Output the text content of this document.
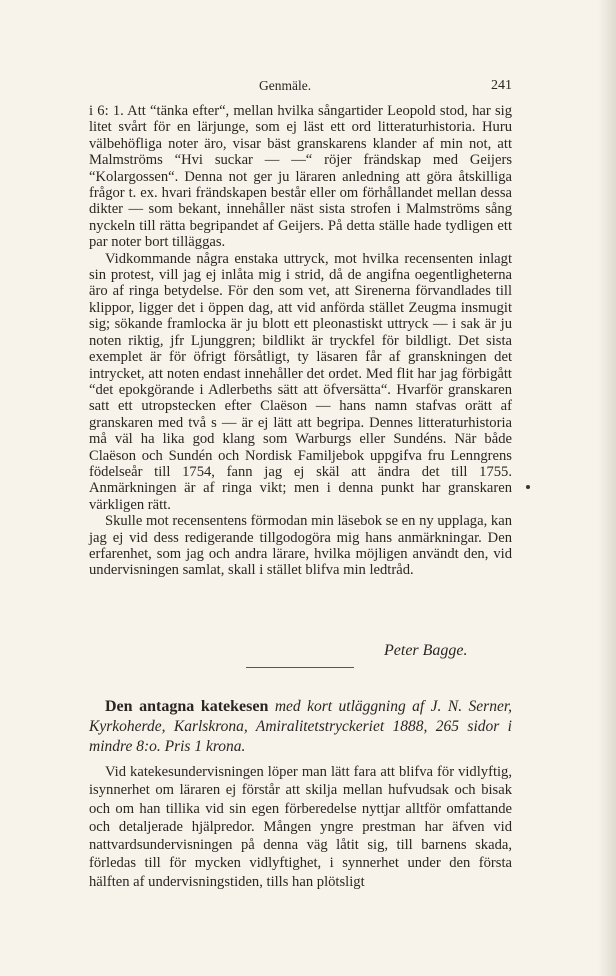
Genmäle.	241

i 6: 1. Att “tänka efter“, mellan hvilka sångartider Leopold stod, har sig litet svårt för en lärjunge, som ej läst ett ord litteraturhistoria. Huru välbehöfliga noter äro, visar bäst granskarens klander af min not, att Malmströms “Hvi suckar — —“ röjer frändskap med Geijers “Kolargossen“. Denna not ger ju läraren anledning att göra åtskilliga frågor t. ex. hvari frändskapen består eller om förhållandet mellan dessa dikter — som bekant, innehåller näst sista strofen i Malmströms sång nyckeln till rätta begripandet af Geijers. På detta ställe hade tydligen ett par noter bort tilläggas.

Vidkommande några enstaka uttryck, mot hvilka recensenten inlagt sin protest, vill jag ej inlåta mig i strid, då de angifna oegentligheterna äro af ringa betydelse. För den som vet, att Sirenerna förvandlades till klippor, ligger det i öppen dag, att vid anförda stället Zeugma insmugit sig; sökande framlocka är ju blott ett pleonastiskt uttryck — i sak är ju noten riktig, jfr Ljunggren; bildlikt är tryckfel för bildligt. Det sista exemplet är för öfrigt försåtligt, ty läsaren får af granskningen det intrycket, att noten endast innehåller det ordet. Med flit har jag förbigått “det epokgörande i Adlerbeths sätt att öfversätta“. Hvarför granskaren satt ett utropstecken efter Claëson — hans namn stafvas orätt af granskaren med två s — är ej lätt att begripa. Dennes litteraturhistoria må väl ha lika god klang som Warburgs eller Sundéns. När både Claëson och Sundén och Nordisk Familjebok uppgifva fru Lenngrens födelseår till 1754, fann jag ej skäl att ändra det till 1755. Anmärkningen är af ringa vikt; men i denna punkt har granskaren värkligen rätt.

Skulle mot recensentens förmodan min läsebok se en ny upplaga, kan jag ej vid dess redigerande tillgodogöra mig hans anmärkningar. Den erfarenhet, som jag och andra lärare, hvilka möjligen användt den, vid undervisningen samlat, skall i stället blifva min ledtråd.

Peter Bagge.

Den antagna katekesen med kort utläggning af J. N. Serner, Kyrkoherde, Karlskrona, Amiralitetstryckeriet 1888, 265 sidor i mindre 8:o. Pris 1 krona.

Vid katekesundervisningen löper man lätt fara att blifva för vidlyftig, isynnerhet om läraren ej förstår att skilja mellan hufvudsak och bisak och om han tillika vid sin egen förberedelse nyttjar alltför omfattande och detaljerade hjälpredor. Mången yngre prestman har äfven vid nattvardsundervisningen på denna väg låtit sig, till barnens skada, förledas till för mycken vidlyftighet, i synnerhet under den första hälften af undervisningstiden, tills han plötsligt
